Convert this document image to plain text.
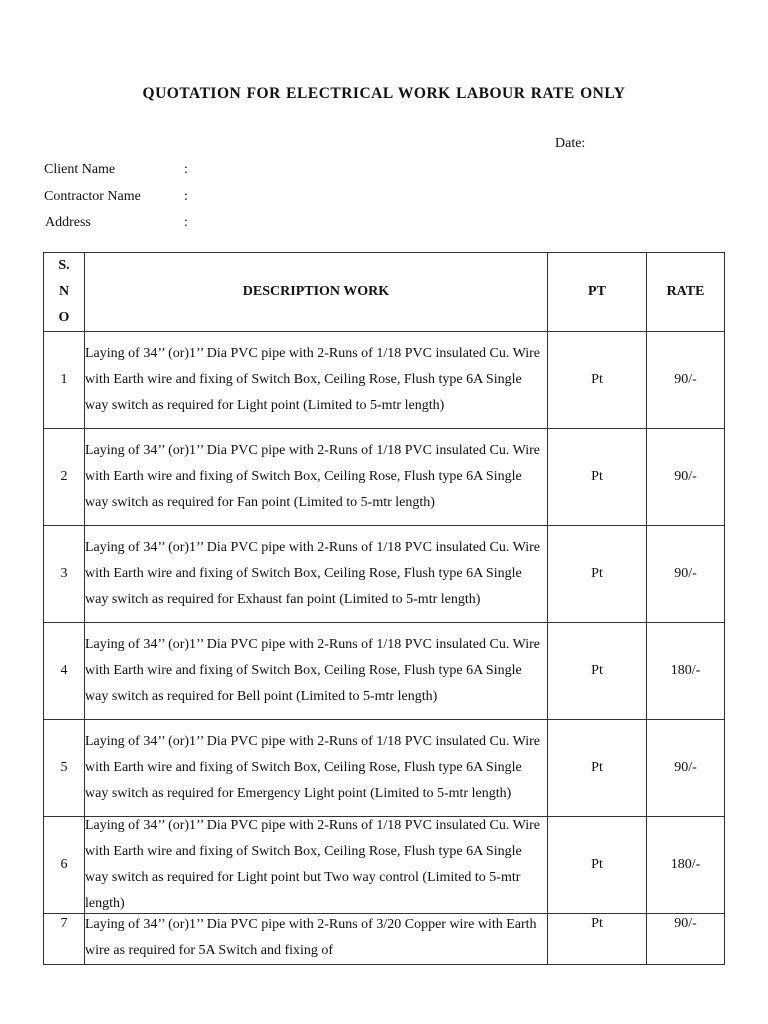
QUOTATION FOR ELECTRICAL WORK LABOUR RATE ONLY
Date:
Client Name	:
Contractor Name	:
Address	:
S.
N
O	DESCRIPTION WORK	PT	RATE
1	Laying of 34’’ (or)1’’ Dia PVC pipe with 2-Runs of 1/18 PVC insulated Cu. Wire with Earth wire and fixing of Switch Box, Ceiling Rose, Flush type 6A Single way switch as required for Light point (Limited to 5-mtr length)	Pt	90/-
2	Laying of 34’’ (or)1’’ Dia PVC pipe with 2-Runs of 1/18 PVC insulated Cu. Wire with Earth wire and fixing of Switch Box, Ceiling Rose, Flush type 6A Single way switch as required for Fan point (Limited to 5-mtr length)	Pt	90/-
3	Laying of 34’’ (or)1’’ Dia PVC pipe with 2-Runs of 1/18 PVC insulated Cu. Wire with Earth wire and fixing of Switch Box, Ceiling Rose, Flush type 6A Single way switch as required for Exhaust fan point (Limited to 5-mtr length)	Pt	90/-
4	Laying of 34’’ (or)1’’ Dia PVC pipe with 2-Runs of 1/18 PVC insulated Cu. Wire with Earth wire and fixing of Switch Box, Ceiling Rose, Flush type 6A Single way switch as required for Bell point (Limited to 5-mtr length)	Pt	180/-
5	Laying of 34’’ (or)1’’ Dia PVC pipe with 2-Runs of 1/18 PVC insulated Cu. Wire with Earth wire and fixing of Switch Box, Ceiling Rose, Flush type 6A Single way switch as required for Emergency Light point (Limited to 5-mtr length)	Pt	90/-
6	Laying of 34’’ (or)1’’ Dia PVC pipe with 2-Runs of 1/18 PVC insulated Cu. Wire with Earth wire and fixing of Switch Box, Ceiling Rose, Flush type 6A Single way switch as required for Light point but Two way control (Limited to 5-mtr length)	Pt	180/-
7	Laying of 34’’ (or)1’’ Dia PVC pipe with 2-Runs of 3/20 Copper wire with Earth wire as required for 5A Switch and fixing of	Pt	90/-
